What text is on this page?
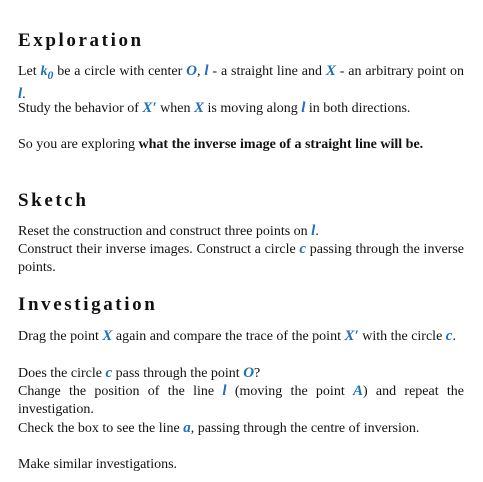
Exploration

Let $k_0$ be a circle with center O, l - a straight line and X - an arbitrary point on l.

Study the behavior of X′ when X is moving along l in both directions.

So you are exploring what the inverse image of a straight line will be.

Sketch

Reset the construction and construct three points on l.

Construct their inverse images. Construct a circle c passing through the inverse points.

Investigation

Drag the point X again and compare the trace of the point X′ with the circle c.

Does the circle c pass through the point O?

Change the position of the line l (moving the point A) and repeat the investigation.

Check the box to see the line a, passing through the centre of inversion.

Make similar investigations.
